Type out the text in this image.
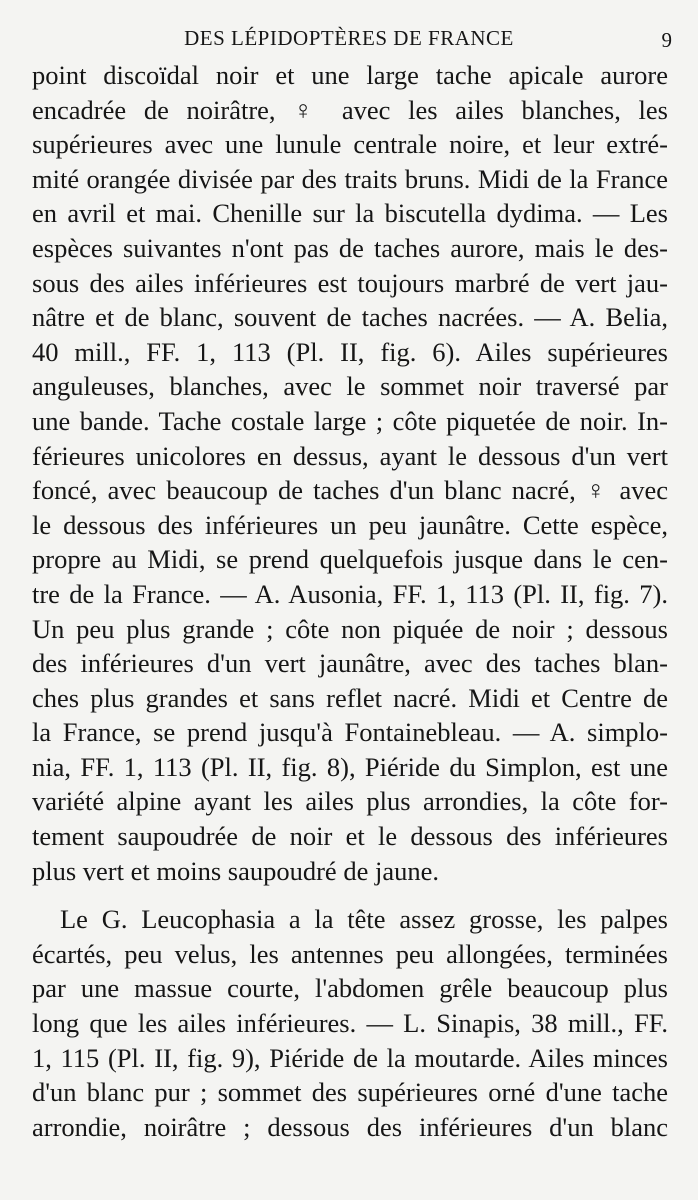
DES LÉPIDOPTÈRES DE FRANCE	9
point discoïdal noir et une large tache apicale aurore
encadrée de noirâtre, ♀ avec les ailes blanches, les
supérieures avec une lunule centrale noire, et leur extré-
mité orangée divisée par des traits bruns. Midi de la France
en avril et mai. Chenille sur la biscutella dydima. — Les
espèces suivantes n'ont pas de taches aurore, mais le des-
sous des ailes inférieures est toujours marbré de vert jau-
nâtre et de blanc, souvent de taches nacrées. — A. Belia,
40 mill., FF. 1, 113 (Pl. II, fig. 6). Ailes supérieures
anguleuses, blanches, avec le sommet noir traversé par
une bande. Tache costale large ; côte piquetée de noir. In-
férieures unicolores en dessus, ayant le dessous d'un vert
foncé, avec beaucoup de taches d'un blanc nacré, ♀ avec
le dessous des inférieures un peu jaunâtre. Cette espèce,
propre au Midi, se prend quelquefois jusque dans le cen-
tre de la France. — A. Ausonia, FF. 1, 113 (Pl. II, fig. 7).
Un peu plus grande ; côte non piquée de noir ; dessous
des inférieures d'un vert jaunâtre, avec des taches blan-
ches plus grandes et sans reflet nacré. Midi et Centre de
la France, se prend jusqu'à Fontainebleau. — A. simplo-
nia, FF. 1, 113 (Pl. II, fig. 8), Piéride du Simplon, est une
variété alpine ayant les ailes plus arrondies, la côte for-
tement saupoudrée de noir et le dessous des inférieures
plus vert et moins saupoudré de jaune.
Le G. Leucophasia a la tête assez grosse, les palpes
écartés, peu velus, les antennes peu allongées, terminées
par une massue courte, l'abdomen grêle beaucoup plus
long que les ailes inférieures. — L. Sinapis, 38 mill., FF.
1, 115 (Pl. II, fig. 9), Piéride de la moutarde. Ailes minces
d'un blanc pur ; sommet des supérieures orné d'une tache
arrondie, noirâtre ; dessous des inférieures d'un blanc
